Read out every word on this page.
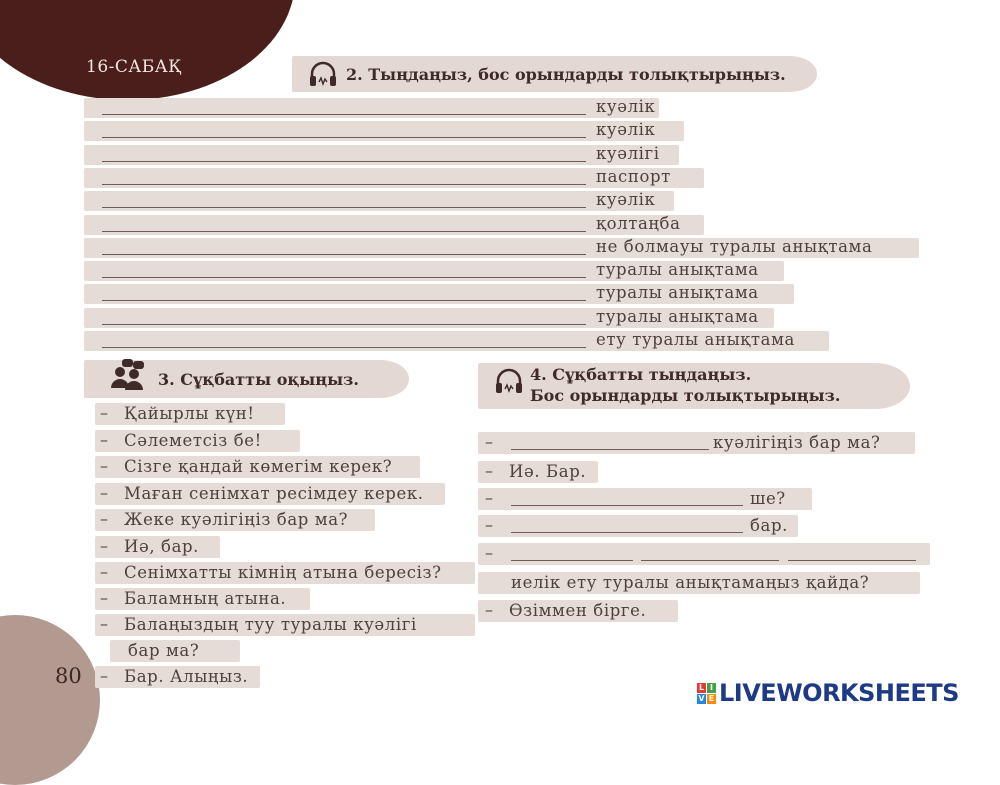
16-САБАҚ
80
2. Тыңдаңыз, бос орындарды толықтырыңыз.
куәлік
куәлік
куәлігі
паспорт
куәлік
қолтаңба
не болмауы туралы анықтама
туралы анықтама
туралы анықтама
туралы анықтама
ету туралы анықтама
3. Сұқбатты оқыңыз.
– Қайырлы күн!
– Сәлеметсіз бе!
– Сізге қандай көмегім керек?
– Маған сенімхат ресімдеу керек.
– Жеке куәлігіңіз бар ма?
– Иә, бар.
– Сенімхатты кімнің атына бересіз?
– Баламның атына.
– Балаңыздың туу туралы куәлігі
бар ма?
– Бар. Алыңыз.
4. Сұқбатты тыңдаңыз.
Бос орындарды толықтырыңыз.
–	куәлігіңіз бар ма?
– Иә. Бар.
–	ше?
–	бар.
–
иелік ету туралы анықтамаңыз қайда?
– Өзіммен бірге.
L I
V E LIVEWORKSHEETS
